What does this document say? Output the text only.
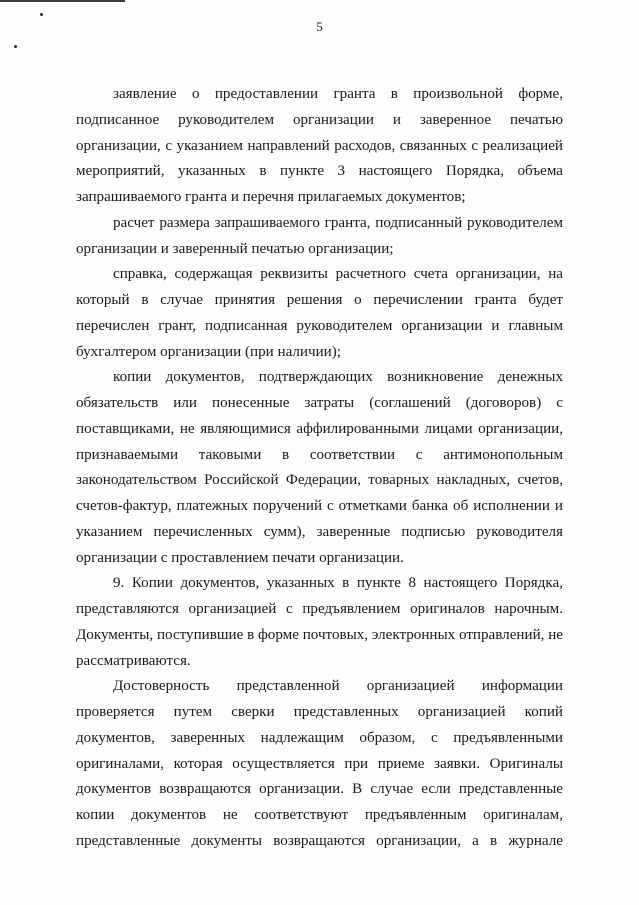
5

заявление о предоставлении гранта в произвольной форме, подписанное руководителем организации и заверенное печатью организации, с указанием направлений расходов, связанных с реализацией мероприятий, указанных в пункте 3 настоящего Порядка, объема запрашиваемого гранта и перечня прилагаемых документов;

расчет размера запрашиваемого гранта, подписанный руководителем организации и заверенный печатью организации;

справка, содержащая реквизиты расчетного счета организации, на который в случае принятия решения о перечислении гранта будет перечислен грант, подписанная руководителем организации и главным бухгалтером организации (при наличии);

копии документов, подтверждающих возникновение денежных обязательств или понесенные затраты (соглашений (договоров) с поставщиками, не являющимися аффилированными лицами организации, признаваемыми таковыми в соответствии с антимонопольным законодательством Российской Федерации, товарных накладных, счетов, счетов-фактур, платежных поручений с отметками банка об исполнении и указанием перечисленных сумм), заверенные подписью руководителя организации с проставлением печати организации.

9. Копии документов, указанных в пункте 8 настоящего Порядка, представляются организацией с предъявлением оригиналов нарочным. Документы, поступившие в форме почтовых, электронных отправлений, не рассматриваются.

Достоверность представленной организацией информации проверяется путем сверки представленных организацией копий документов, заверенных надлежащим образом, с предъявленными оригиналами, которая осуществляется при приеме заявки. Оригиналы документов возвращаются организации. В случае если представленные копии документов не соответствуют предъявленным оригиналам, представленные документы возвращаются организации, а в журнале
